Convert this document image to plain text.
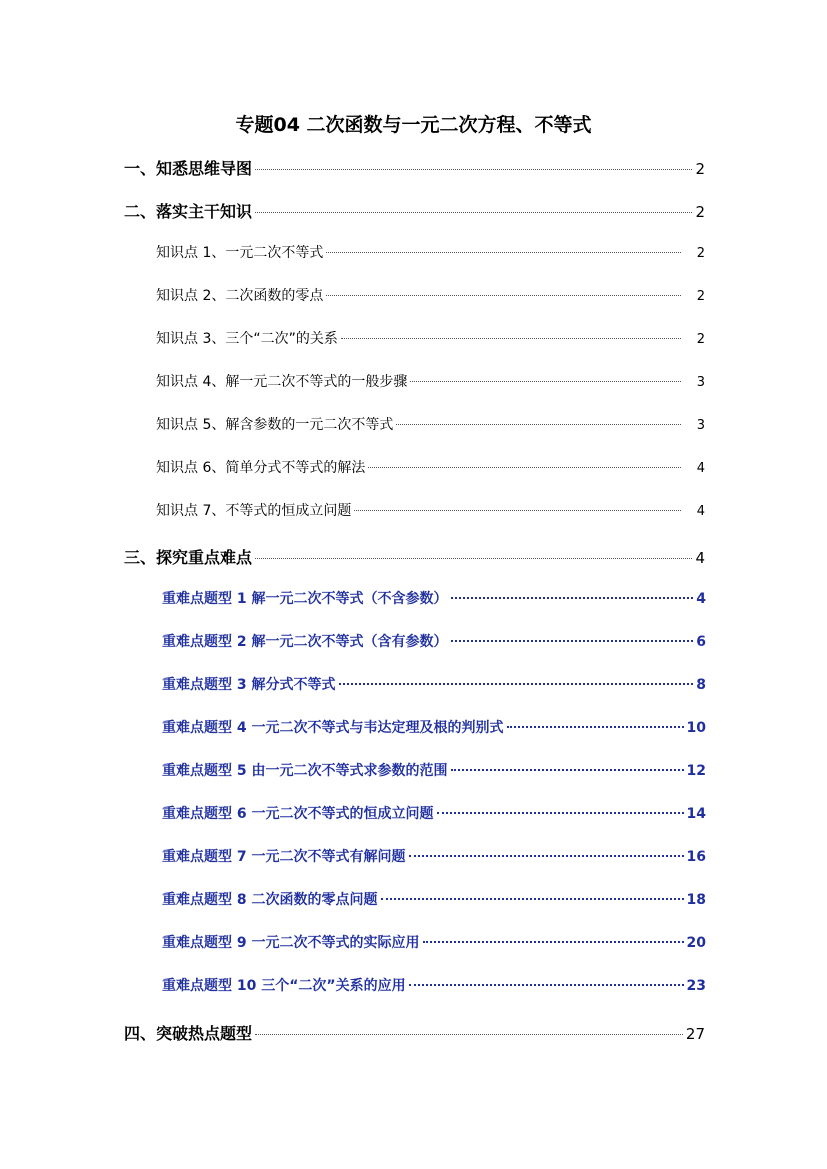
专题04 二次函数与一元二次方程、不等式
一、知悉思维导图	2
二、落实主干知识	2
知识点 1、一元二次不等式	2
知识点 2、二次函数的零点	2
知识点 3、三个“二次”的关系	2
知识点 4、解一元二次不等式的一般步骤	3
知识点 5、解含参数的一元二次不等式	3
知识点 6、简单分式不等式的解法	4
知识点 7、不等式的恒成立问题	4
三、探究重点难点	4
重难点题型 1 解一元二次不等式（不含参数）	4
重难点题型 2 解一元二次不等式（含有参数）	6
重难点题型 3 解分式不等式	8
重难点题型 4 一元二次不等式与韦达定理及根的判别式	10
重难点题型 5 由一元二次不等式求参数的范围	12
重难点题型 6 一元二次不等式的恒成立问题	14
重难点题型 7 一元二次不等式有解问题	16
重难点题型 8 二次函数的零点问题	18
重难点题型 9 一元二次不等式的实际应用	20
重难点题型 10 三个“二次”关系的应用	23
四、突破热点题型	27
